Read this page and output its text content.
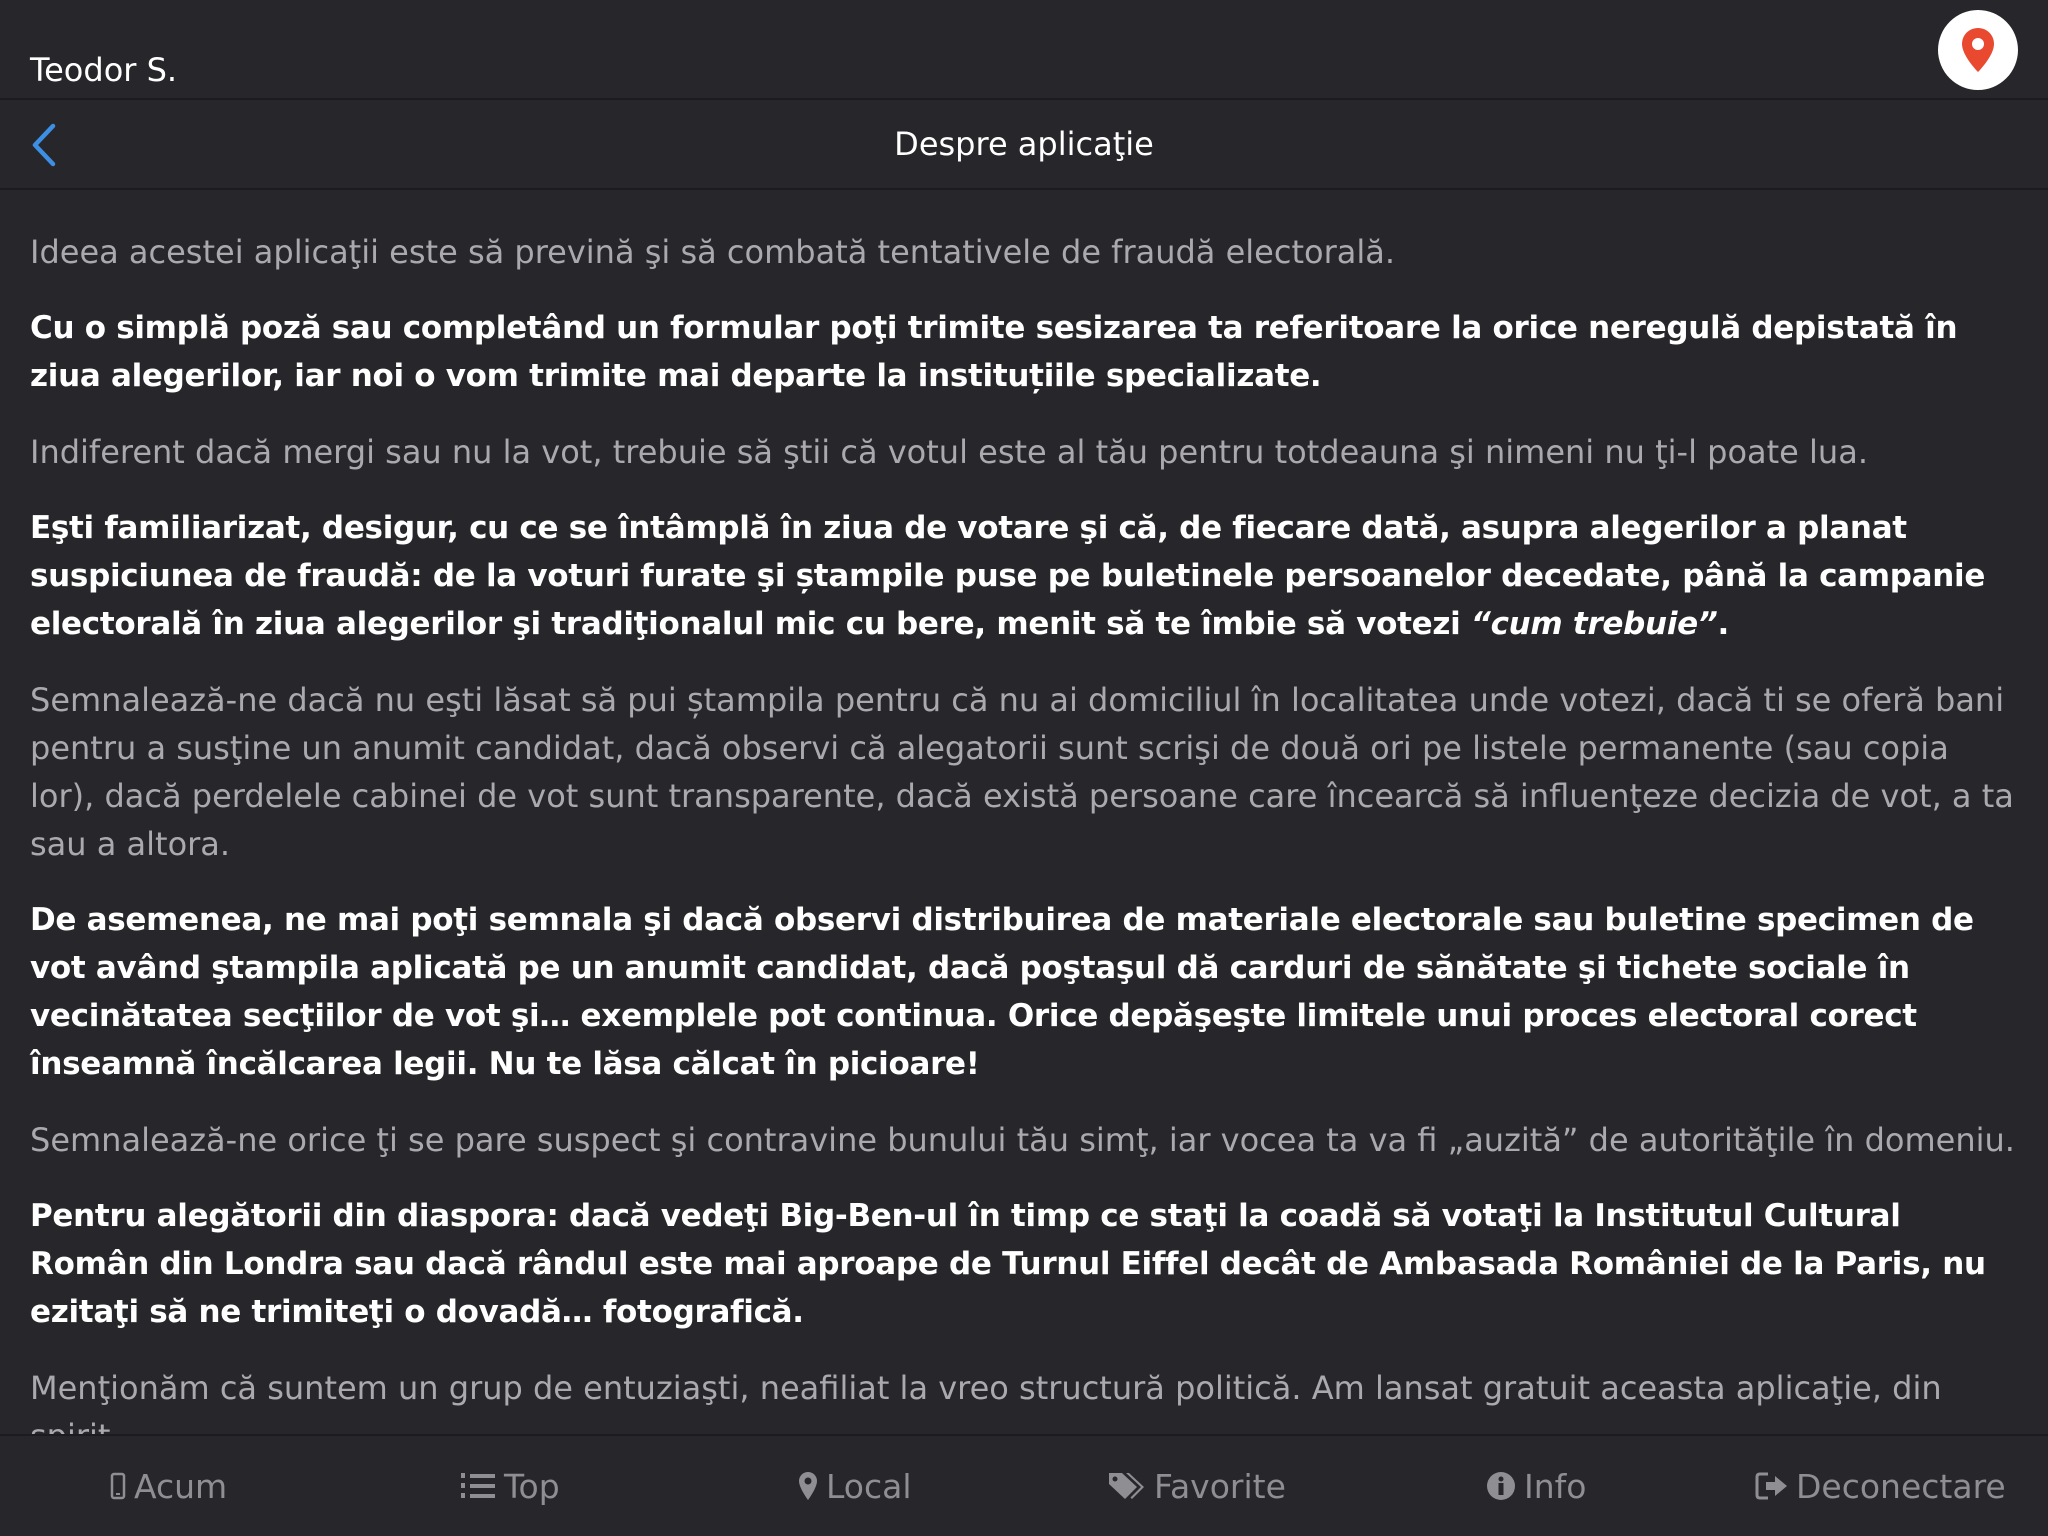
Teodor S.
Despre aplicaţie

Ideea acestei aplicaţii este să prevină şi să combată tentativele de fraudă electorală.

Cu o simplă poză sau completând un formular poţi trimite sesizarea ta referitoare la orice neregulă depistată în ziua alegerilor, iar noi o vom trimite mai departe la instituțiile specializate.

Indiferent dacă mergi sau nu la vot, trebuie să ştii că votul este al tău pentru totdeauna şi nimeni nu ţi-l poate lua.

Eşti familiarizat, desigur, cu ce se întâmplă în ziua de votare şi că, de fiecare dată, asupra alegerilor a planat suspiciunea de fraudă: de la voturi furate şi ștampile puse pe buletinele persoanelor decedate, până la campanie electorală în ziua alegerilor şi tradiţionalul mic cu bere, menit să te îmbie să votezi “cum trebuie”.

Semnalează-ne dacă nu eşti lăsat să pui ștampila pentru că nu ai domiciliul în localitatea unde votezi, dacă ti se oferă bani pentru a susţine un anumit candidat, dacă observi că alegatorii sunt scrişi de două ori pe listele permanente (sau copia lor), dacă perdelele cabinei de vot sunt transparente, dacă există persoane care încearcă să influenţeze decizia de vot, a ta sau a altora.

De asemenea, ne mai poţi semnala şi dacă observi distribuirea de materiale electorale sau buletine specimen de vot având ştampila aplicată pe un anumit candidat, dacă poştaşul dă carduri de sănătate şi tichete sociale în vecinătatea secţiilor de vot şi… exemplele pot continua. Orice depăşeşte limitele unui proces electoral corect înseamnă încălcarea legii. Nu te lăsa călcat în picioare!

Semnalează-ne orice ţi se pare suspect şi contravine bunului tău simţ, iar vocea ta va fi „auzită” de autorităţile în domeniu.

Pentru alegătorii din diaspora: dacă vedeţi Big-Ben-ul în timp ce staţi la coadă să votaţi la Institutul Cultural Român din Londra sau dacă rândul este mai aproape de Turnul Eiffel decât de Ambasada României de la Paris, nu ezitaţi să ne trimiteţi o dovadă… fotografică.

Menţionăm că suntem un grup de entuziaşti, neafiliat la vreo structură politică. Am lansat gratuit aceasta aplicaţie, din

Acum	Top	Local	Favorite	Info	Deconectare
